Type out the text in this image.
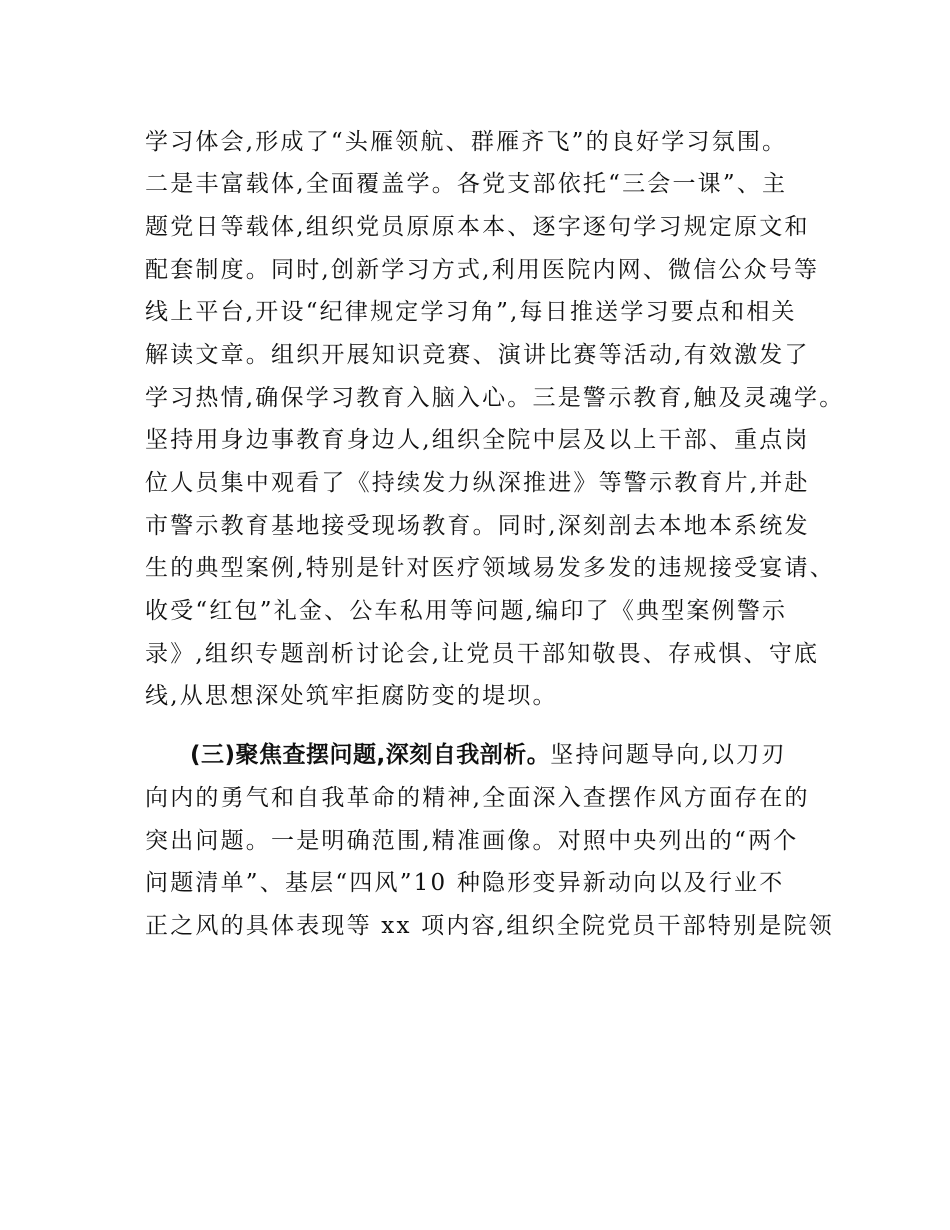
学习体会,形成了“头雁领航、群雁齐飞”的良好学习氛围。
二是丰富载体,全面覆盖学。各党支部依托“三会一课”、主
题党日等载体,组织党员原原本本、逐字逐句学习规定原文和
配套制度。同时,创新学习方式,利用医院内网、微信公众号等
线上平台,开设“纪律规定学习角”,每日推送学习要点和相关
解读文章。组织开展知识竞赛、演讲比赛等活动,有效激发了
学习热情,确保学习教育入脑入心。三是警示教育,触及灵魂学。
坚持用身边事教育身边人,组织全院中层及以上干部、重点岗
位人员集中观看了《持续发力纵深推进》等警示教育片,并赴
市警示教育基地接受现场教育。同时,深刻剖去本地本系统发
生的典型案例,特别是针对医疗领域易发多发的违规接受宴请、
收受“红包”礼金、公车私用等问题,编印了《典型案例警示
录》,组织专题剖析讨论会,让党员干部知敬畏、存戒惧、守底
线,从思想深处筑牢拒腐防变的堤坝。
(三)聚焦查摆问题,深刻自我剖析。坚持问题导向,以刀刃
向内的勇气和自我革命的精神,全面深入查摆作风方面存在的
突出问题。一是明确范围,精准画像。对照中央列出的“两个
问题清单”、基层“四风”10 种隐形变异新动向以及行业不
正之风的具体表现等 xx 项内容,组织全院党员干部特别是院领
